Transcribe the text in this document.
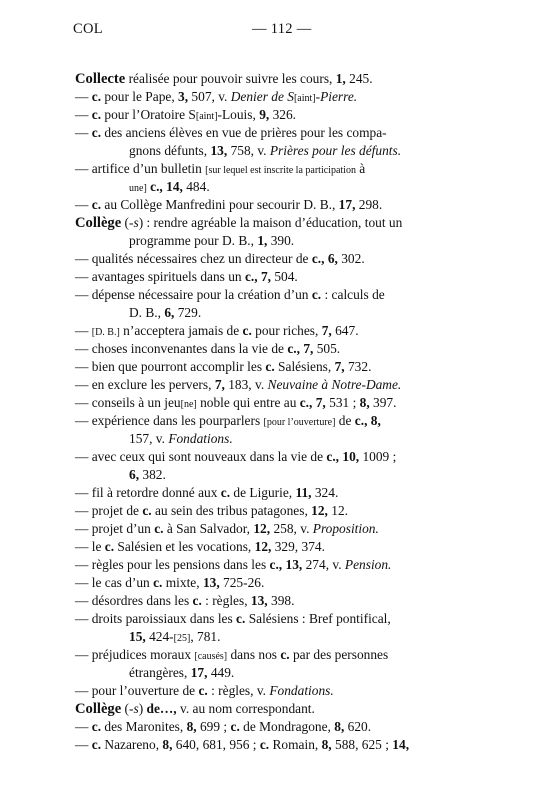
COL	— 112 —
Collecte réalisée pour pouvoir suivre les cours, 1, 245.
— c. pour le Pape, 3, 507, v. Denier de S[aint]-Pierre.
— c. pour l’Oratoire S[aint]-Louis, 9, 326.
— c. des anciens élèves en vue de prières pour les compa-
gnons défunts, 13, 758, v. Prières pour les défunts.
— artifice d’un bulletin [sur lequel est inscrite la participation à
une] c., 14, 484.
— c. au Collège Manfredini pour secourir D. B., 17, 298.
Collège (-s) : rendre agréable la maison d’éducation, tout un
programme pour D. B., 1, 390.
— qualités nécessaires chez un directeur de c., 6, 302.
— avantages spirituels dans un c., 7, 504.
— dépense nécessaire pour la création d’un c. : calculs de
D. B., 6, 729.
— [D. B.] n’acceptera jamais de c. pour riches, 7, 647.
— choses inconvenantes dans la vie de c., 7, 505.
— bien que pourront accomplir les c. Salésiens, 7, 732.
— en exclure les pervers, 7, 183, v. Neuvaine à Notre-Dame.
— conseils à un jeu[ne] noble qui entre au c., 7, 531 ; 8, 397.
— expérience dans les pourparlers [pour l’ouverture] de c., 8,
157, v. Fondations.
— avec ceux qui sont nouveaux dans la vie de c., 10, 1009 ;
6, 382.
— fil à retordre donné aux c. de Ligurie, 11, 324.
— projet de c. au sein des tribus patagones, 12, 12.
— projet d’un c. à San Salvador, 12, 258, v. Proposition.
— le c. Salésien et les vocations, 12, 329, 374.
— règles pour les pensions dans les c., 13, 274, v. Pension.
— le cas d’un c. mixte, 13, 725-26.
— désordres dans les c. : règles, 13, 398.
— droits paroissiaux dans les c. Salésiens : Bref pontifical,
15, 424-[25], 781.
— préjudices moraux [causés] dans nos c. par des personnes
étrangères, 17, 449.
— pour l’ouverture de c. : règles, v. Fondations.
Collège (-s) de…, v. au nom correspondant.
— c. des Maronites, 8, 699 ; c. de Mondragone, 8, 620.
— c. Nazareno, 8, 640, 681, 956 ; c. Romain, 8, 588, 625 ; 14,
